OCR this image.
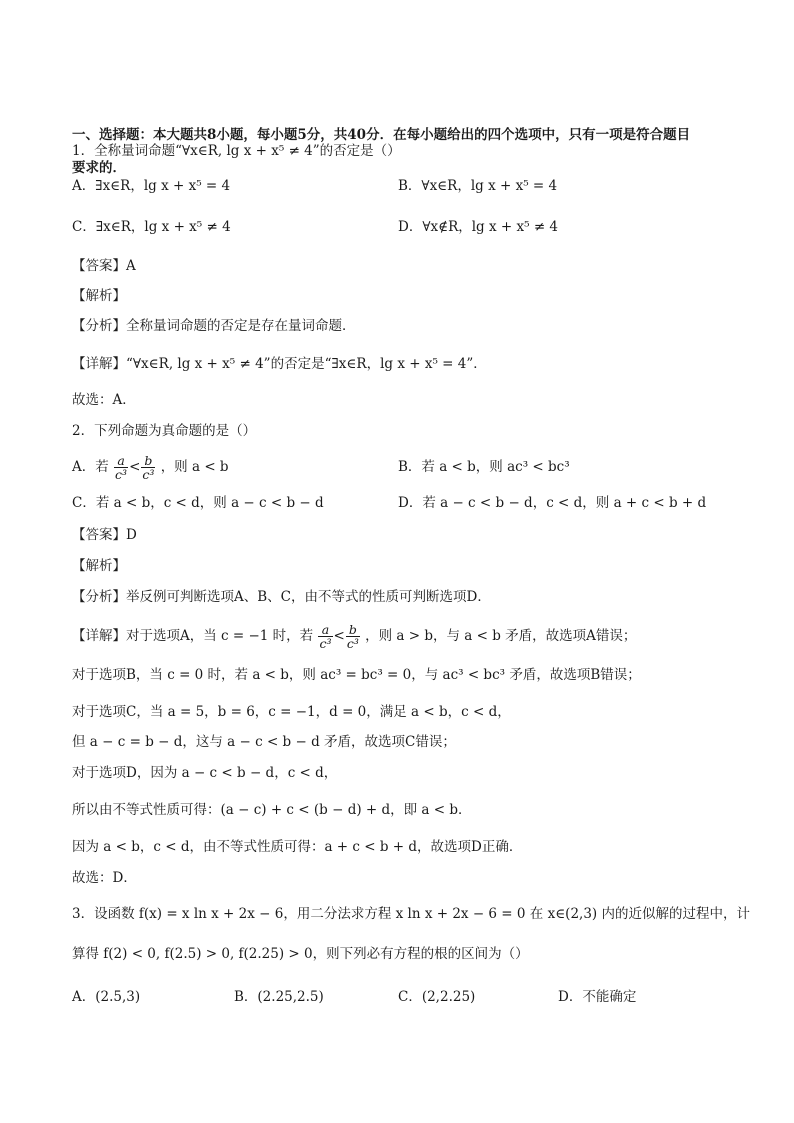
一、选择题：本大题共8小题，每小题5分，共40分．在每小题给出的四个选项中，只有一项是符合题目
要求的．
1．全称量词命题“∀x∈R, lg x + x⁵ ≠ 4”的否定是（）
A．∃x∈R，lg x + x⁵ = 4	B．∀x∈R，lg x + x⁵ = 4
C．∃x∈R，lg x + x⁵ ≠ 4	D．∀x∉R，lg x + x⁵ ≠ 4
【答案】A
【解析】
【分析】全称量词命题的否定是存在量词命题．
【详解】“∀x∈R, lg x + x⁵ ≠ 4”的否定是“∃x∈R，lg x + x⁵ = 4”．
故选：A．
2．下列命题为真命题的是（）
A．若 $\frac{a}{\text{c³}} < \frac{b}{\text{c³}}$ ，则 a < b	B．若 a < b，则 ac³ < bc³
C．若 a < b，c < d，则 a − c < b − d	D．若 a − c < b − d，c < d，则 a + c < b + d
【答案】D
【解析】
【分析】举反例可判断选项A、B、C，由不等式的性质可判断选项D．
【详解】对于选项A，当 c = −1 时，若 $\frac{a}{\text{c³}} < \frac{b}{\text{c³}}$ ，则 a > b，与 a < b 矛盾，故选项A错误；
对于选项B，当 c = 0 时，若 a < b，则 ac³ = bc³ = 0，与 ac³ < bc³ 矛盾，故选项B错误；
对于选项C，当 a = 5，b = 6，c = −1，d = 0，满足 a < b，c < d，
但 a − c = b − d，这与 a − c < b − d 矛盾，故选项C错误；
对于选项D，因为 a − c < b − d，c < d，
所以由不等式性质可得：(a − c) + c < (b − d) + d，即 a < b．
因为 a < b，c < d，由不等式性质可得：a + c < b + d，故选项D正确．
故选：D．
3．设函数 f(x) = x ln x + 2x − 6，用二分法求方程 x ln x + 2x − 6 = 0 在 x∈(2,3) 内的近似解的过程中，计
算得 f(2) < 0, f(2.5) > 0, f(2.25) > 0，则下列必有方程的根的区间为（）
A．(2.5,3)	B．(2.25,2.5)	C．(2,2.25)	D．不能确定
